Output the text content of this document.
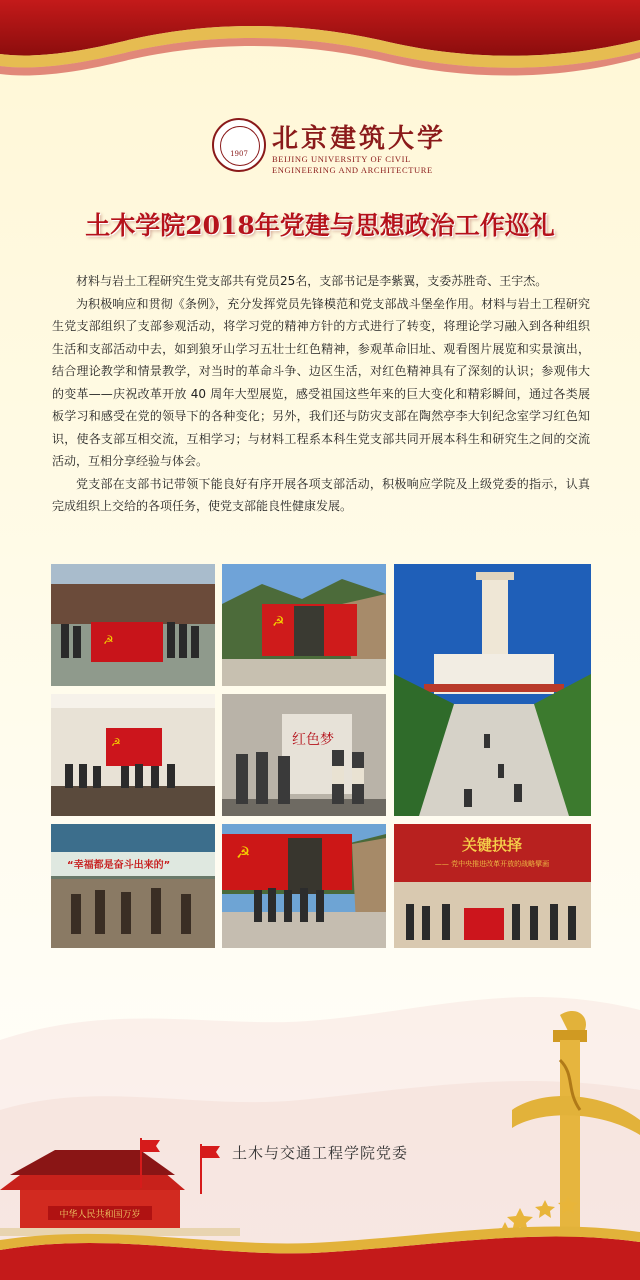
1907 北京建筑大学
BEIJING UNIVERSITY OF CIVIL
ENGINEERING AND ARCHITECTURE
土木学院2018年党建与思想政治工作巡礼

材料与岩土工程研究生党支部共有党员25名，支部书记是李紫翼，支委苏胜奇、王宇杰。

为积极响应和贯彻《条例》，充分发挥党员先锋模范和党支部战斗堡垒作用。材料与岩土工程研究生党支部组织了支部参观活动，将学习党的精神方针的方式进行了转变，将理论学习融入到各种组织生活和支部活动中去，如到狼牙山学习五壮士红色精神，参观革命旧址、观看图片展览和实景演出，结合理论教学和情景教学，对当时的革命斗争、边区生活，对红色精神具有了深刻的认识；参观伟大的变革——庆祝改革开放 40 周年大型展览，感受祖国这些年来的巨大变化和精彩瞬间，通过各类展板学习和感受在党的领导下的各种变化；另外，我们还与防灾支部在陶然亭李大钊纪念室学习红色知识，使各支部互相交流，互相学习；与材料工程系本科生党支部共同开展本科生和研究生之间的交流活动，互相分享经验与体会。

党支部在支部书记带领下能良好有序开展各项支部活动，积极响应学院及上级党委的指示，认真完成组织上交给的各项任务，使党支部能良性健康发展。

☭
☭
☭	红色梦
“幸福都是奋斗出来的”
☭	关键抉择
—— 党中央推进改革开放的战略擘画
中华人民共和国万岁
土木与交通工程学院党委
